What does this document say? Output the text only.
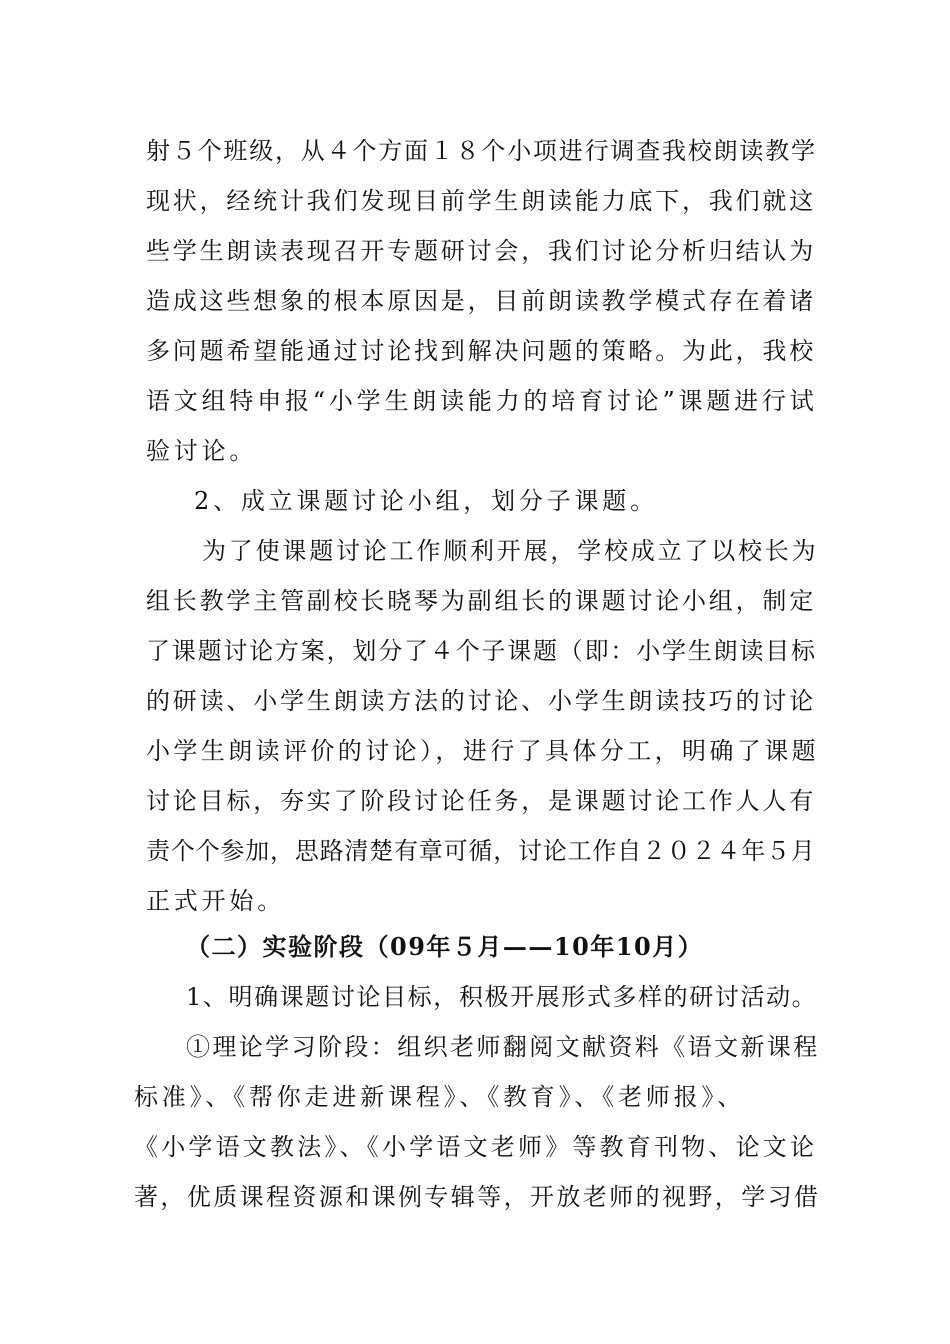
射５个班级，从４个方面１８个小项进行调查我校朗读教学

现状，经统计我们发现目前学生朗读能力底下，我们就这

些学生朗读表现召开专题研讨会，我们讨论分析归结认为

造成这些想象的根本原因是，目前朗读教学模式存在着诸

多问题希望能通过讨论找到解决问题的策略。为此，我校

语文组特申报“小学生朗读能力的培育讨论”课题进行试

验讨论。

2、成立课题讨论小组，划分子课题。

为了使课题讨论工作顺利开展，学校成立了以校长为

组长教学主管副校长晓琴为副组长的课题讨论小组，制定

了课题讨论方案，划分了４个子课题（即：小学生朗读目标

的研读、小学生朗读方法的讨论、小学生朗读技巧的讨论

小学生朗读评价的讨论），进行了具体分工，明确了课题

讨论目标，夯实了阶段讨论任务，是课题讨论工作人人有

责个个参加，思路清楚有章可循，讨论工作自２０２４年５月

正式开始。

（二）实验阶段（09年５月——10年10月）

1、明确课题讨论目标，积极开展形式多样的研讨活动。

①理论学习阶段：组织老师翻阅文献资料《语文新课程

标准》、《帮你走进新课程》、《教育》、《老师报》、

《小学语文教法》、《小学语文老师》等教育刊物、论文论

著，优质课程资源和课例专辑等，开放老师的视野，学习借
